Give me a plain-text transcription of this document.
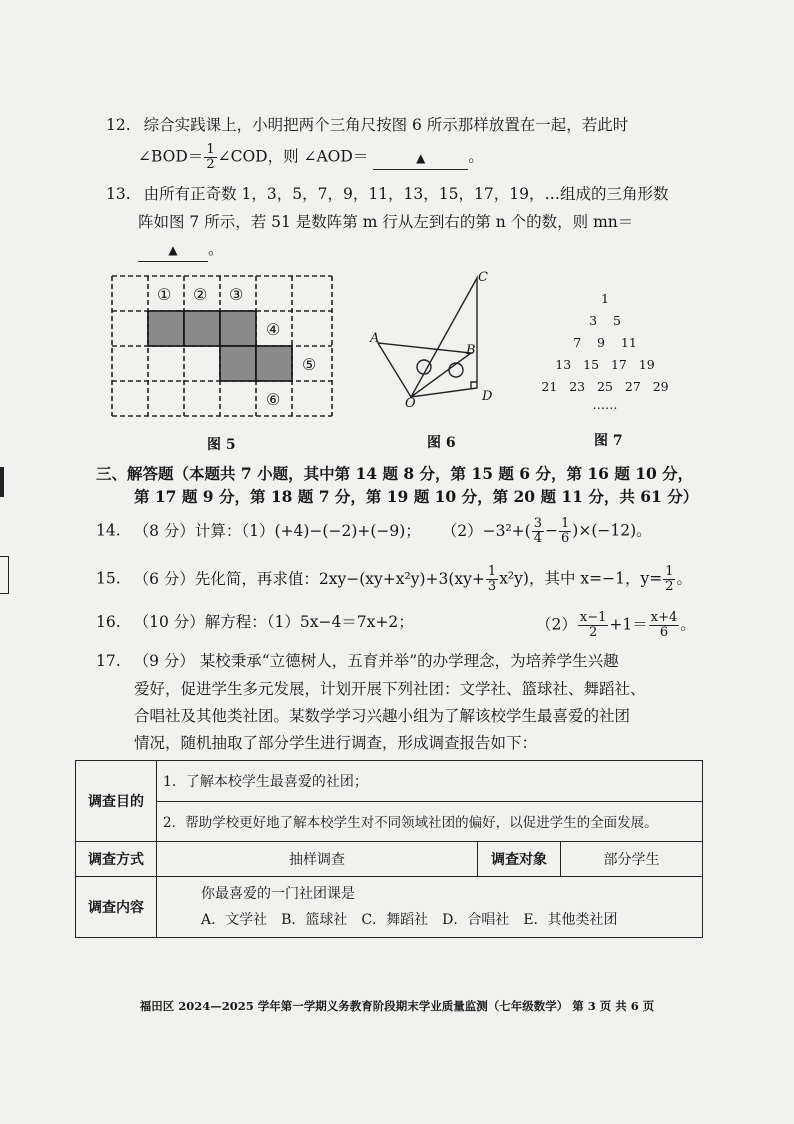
12. 综合实践课上，小明把两个三角尺按图 6 所示那样放置在一起，若此时
∠BOD＝ $\frac{1}{2}$ ∠COD，则 ∠AOD＝	▲	。
13. 由所有正奇数 1，3，5，7，9，11，13，15，17，19，…组成的三角形数
阵如图 7 所示，若 51 是数阵第 m 行从左到右的第 n 个的数，则 mn＝
▲ 。
① ② ③
④
⑤
⑥
图 5
C
A
B
O	D
图 6
1
3 5
7 9 11
13 15 17 19
21 23 25 27 29
……
图 7
三、解答题（本题共 7 小题，其中第 14 题 8 分，第 15 题 6 分，第 16 题 10 分，
第 17 题 9 分，第 18 题 7 分，第 19 题 10 分，第 20 题 11 分，共 61 分）
14. （8 分）计算：（1）(+4)−(−2)+(−9)； $(2)-3^2+( \frac{3}{4} - \frac{1}{6} )\times(-12)$。
15. （6 分）先化简，再求值：$2xy-(xy+x^2y)+3(xy+ \frac{1}{3} x^2y)$，其中 x=−1，$y= \frac{1}{2}$ 。
16. （10 分）解方程：（1）5x−4＝7x+2；	$(2) \frac{x-1}{2} +1= \frac{x+4}{6}$ 。
17. （9 分） 某校秉承“立德树人，五育并举”的办学理念，为培养学生兴趣
爱好，促进学生多元发展，计划开展下列社团：文学社、篮球社、舞蹈社、
合唱社及其他类社团。某数学学习兴趣小组为了解该校学生最喜爱的社团
情况，随机抽取了部分学生进行调查，形成调查报告如下：
调查目的	1．了解本校学生最喜爱的社团；		
	2．帮助学校更好地了解本校学生对不同领域社团的偏好，以促进学生的全面发展。		
调查方式	抽样调查	调查对象	部分学生
调查内容	你最喜爱的一门社团课是
A．文学社　B．篮球社　C．舞蹈社　D．合唱社　E．其他类社团		
福田区 2024—2025 学年第一学期义务教育阶段期末学业质量监测（七年级数学） 第 3 页 共 6 页
